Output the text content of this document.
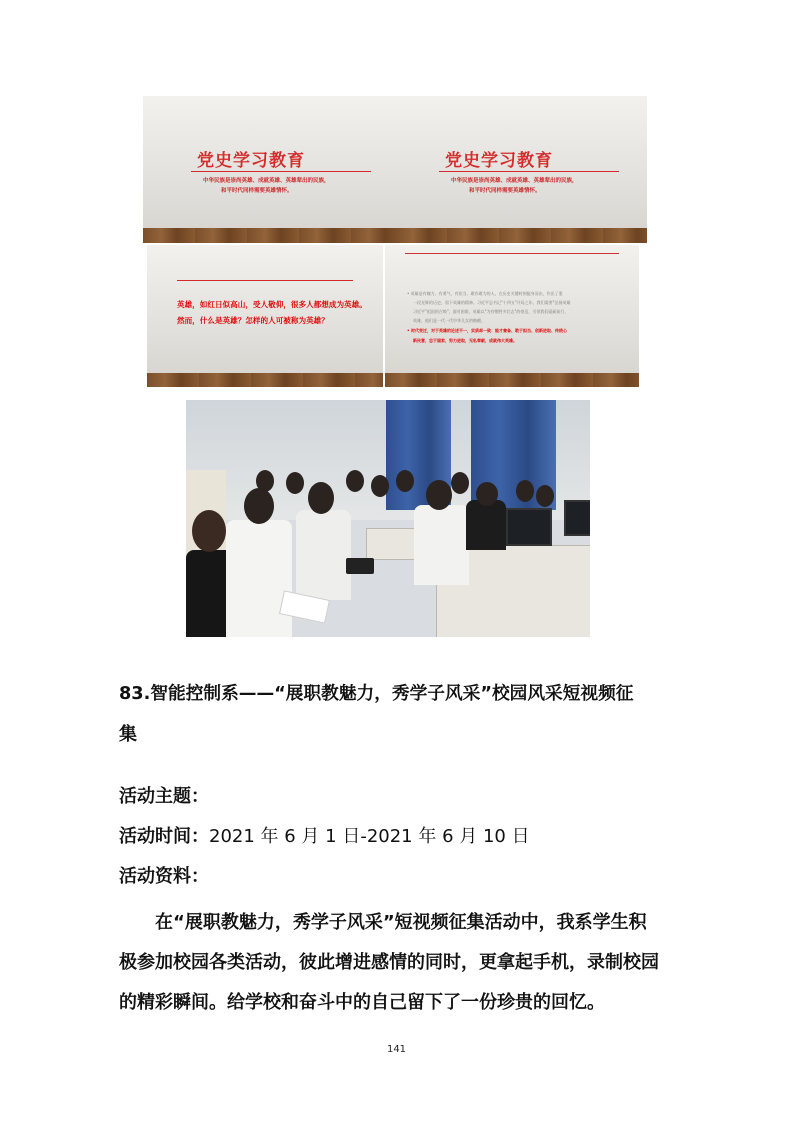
党史学习教育
中华民族是崇尚英雄、成就英雄、英雄辈出的民族，
和平时代同样需要英雄情怀。
党史学习教育
中华民族是崇尚英雄、成就英雄、英雄辈出的民族，
和平时代同样需要英雄情怀。
英雄，如红日似高山，受人敬仰，很多人都想成为英雄。
然而，什么是英雄？怎样的人可被称为英雄？
• 英雄是有魄力、有勇气、有担当、敢作敢为的人，在历史关键时刻挺身而出，作出了重
一段光辉的历史，留下英雄的精神。习近平总书记"十四五"开局之年，我们需要"弘扬英雄
习近平"祖国的召唤"，面对困难，英雄以"为有牺牲多壮志"的豪迈，引领我们砥砺前行，
英雄，他们是一代一代中华儿女的楷模。
• 时代变迁，对于英雄的论述不一，实质却一致：能才兼备、敢于担当、创新进取、传统心
新民意，忠于国家，努力进取，无私奉献，成就伟大英雄。
83.智能控制系——“展职教魅力，秀学子风采”校园风采短视频征
集
活动主题：
活动时间：2021 年 6 月 1 日-2021 年 6 月 10 日
活动资料：
在“展职教魅力，秀学子风采”短视频征集活动中，我系学生积
极参加校园各类活动，彼此增进感情的同时，更拿起手机，录制校园
的精彩瞬间。给学校和奋斗中的自己留下了一份珍贵的回忆。
141
